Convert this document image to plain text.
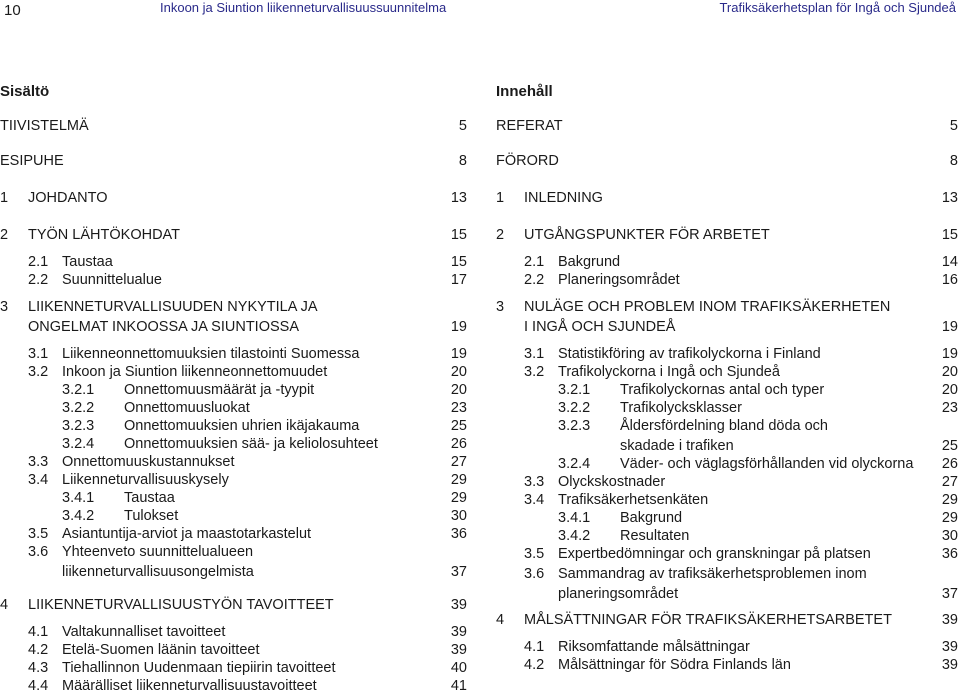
10	Inkoon ja Siuntion liikenneturvallisuussuunnitelma	Trafiksäkerhetsplan för Ingå och Sjundeå
Sisältö
TIIVISTELMÄ	5
ESIPUHE	8
1 JOHDANTO	13
2 TYÖN LÄHTÖKOHDAT	15
2.1 Taustaa	15
2.2 Suunnittelualue	17
3 LIIKENNETURVALLISUUDEN NYKYTILA JA
ONGELMAT INKOOSSA JA SIUNTIOSSA	19
3.1 Liikenneonnettomuuksien tilastointi Suomessa	19
3.2 Inkoon ja Siuntion liikenneonnettomuudet	20
3.2.1 Onnettomuusmäärät ja -tyypit	20
3.2.2 Onnettomuusluokat	23
3.2.3 Onnettomuuksien uhrien ikäjakauma	25
3.2.4 Onnettomuuksien sää- ja keliolosuhteet	26
3.3 Onnettomuuskustannukset	27
3.4 Liikenneturvallisuuskysely	29
3.4.1 Taustaa	29
3.4.2 Tulokset	30
3.5 Asiantuntija-arviot ja maastotarkastelut	36
3.6 Yhteenveto suunnittelualueen
liikenneturvallisuusongelmista	37
4 LIIKENNETURVALLISUUSTYÖN TAVOITTEET	39
4.1 Valtakunnalliset tavoitteet	39
4.2 Etelä-Suomen läänin tavoitteet	39
4.3 Tiehallinnon Uudenmaan tiepiirin tavoitteet	40
4.4 Määrälliset liikenneturvallisuustavoitteet	41
Innehåll
REFERAT	5
FÖRORD	8
1 INLEDNING	13
2 UTGÅNGSPUNKTER FÖR ARBETET	15
2.1 Bakgrund	14
2.2 Planeringsområdet	16
3 NULÄGE OCH PROBLEM INOM TRAFIKSÄKERHETEN
I INGÅ OCH SJUNDEÅ	19
3.1 Statistikföring av trafikolyckorna i Finland	19
3.2 Trafikolyckorna i Ingå och Sjundeå	20
3.2.1 Trafikolyckornas antal och typer	20
3.2.2 Trafikolycksklasser	23
3.2.3 Åldersfördelning bland döda och
skadade i trafiken	25
3.2.4 Väder- och väglagsförhållanden vid olyckorna 26
3.3 Olyckskostnader	27
3.4 Trafiksäkerhetsenkäten	29
3.4.1 Bakgrund	29
3.4.2 Resultaten	30
3.5 Expertbedömningar och granskningar på platsen	36
3.6 Sammandrag av trafiksäkerhetsproblemen inom
planeringsområdet	37
4 MÅLSÄTTNINGAR FÖR TRAFIKSÄKERHETSARBETET	39
4.1 Riksomfattande målsättningar	39
4.2 Målsättningar för Södra Finlands län	39
